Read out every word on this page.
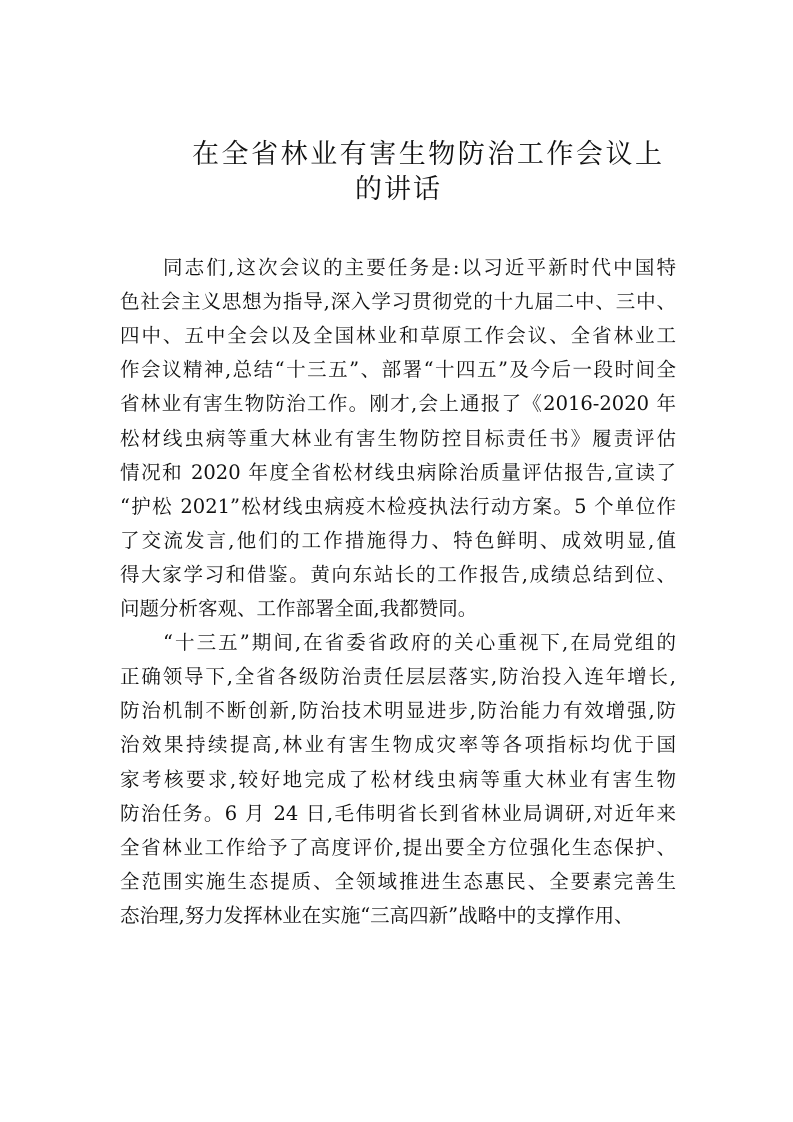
在全省林业有害生物防治工作会议上
的讲话
同志们,这次会议的主要任务是:以习近平新时代中国特
色社会主义思想为指导,深入学习贯彻党的十九届二中、三中、
四中、五中全会以及全国林业和草原工作会议、全省林业工
作会议精神,总结“十三五”、部署“十四五”及今后一段时间全
省林业有害生物防治工作。刚才,会上通报了《2016-2020 年
松材线虫病等重大林业有害生物防控目标责任书》履责评估
情况和 2020 年度全省松材线虫病除治质量评估报告,宣读了
“护松 2021”松材线虫病疫木检疫执法行动方案。5 个单位作
了交流发言,他们的工作措施得力、特色鲜明、成效明显,值
得大家学习和借鉴。黄向东站长的工作报告,成绩总结到位、
问题分析客观、工作部署全面,我都赞同。
“十三五”期间,在省委省政府的关心重视下,在局党组的
正确领导下,全省各级防治责任层层落实,防治投入连年增长,
防治机制不断创新,防治技术明显进步,防治能力有效增强,防
治效果持续提高,林业有害生物成灾率等各项指标均优于国
家考核要求,较好地完成了松材线虫病等重大林业有害生物
防治任务。6 月 24 日,毛伟明省长到省林业局调研,对近年来
全省林业工作给予了高度评价,提出要全方位强化生态保护、
全范围实施生态提质、全领域推进生态惠民、全要素完善生
态治理,努力发挥林业在实施“三高四新”战略中的支撑作用、
